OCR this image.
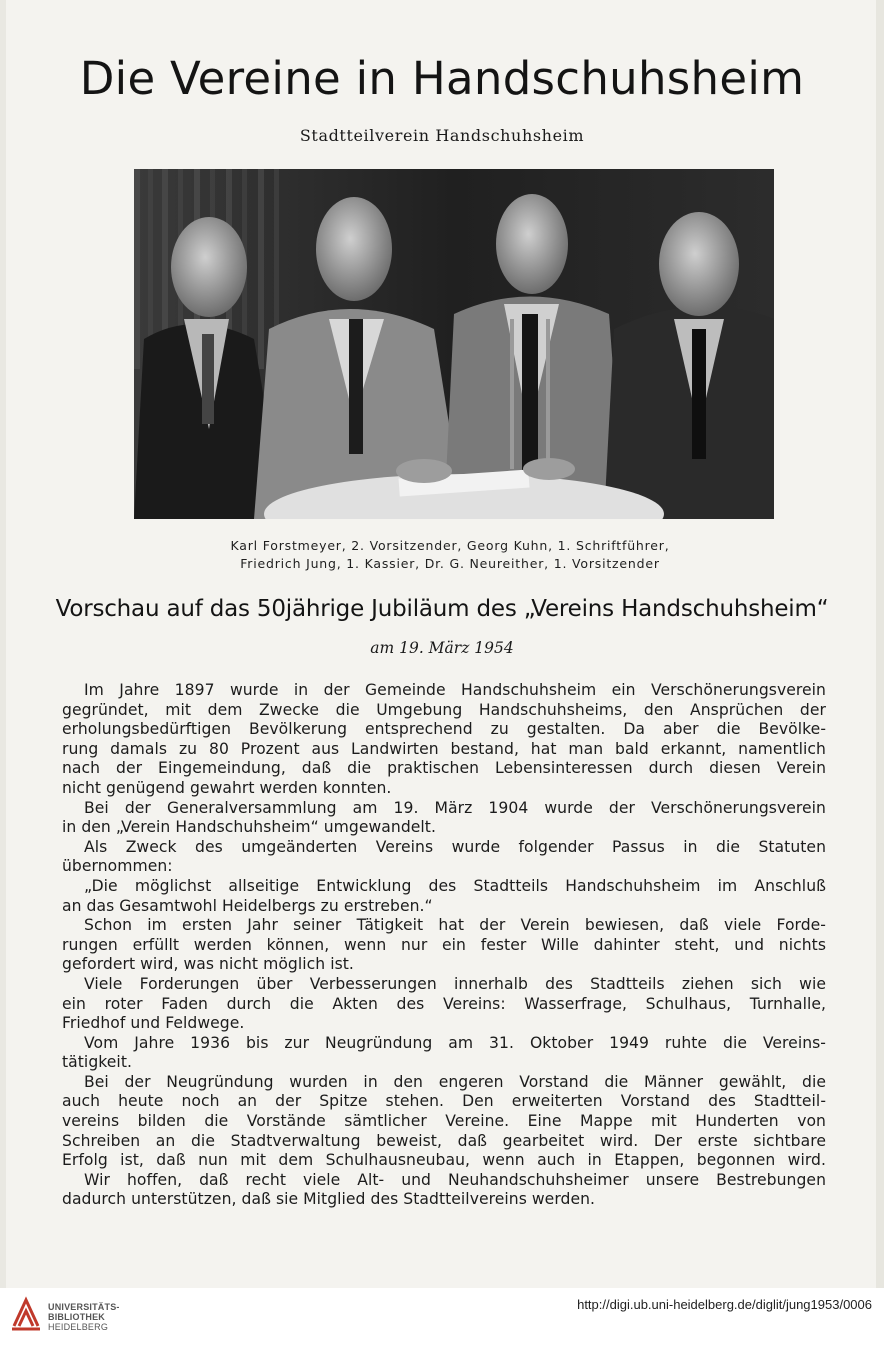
Die Vereine in Handschuhsheim
Stadtteilverein Handschuhsheim
Karl Forstmeyer, 2. Vorsitzender, Georg Kuhn, 1. Schriftführer,
Friedrich Jung, 1. Kassier, Dr. G. Neureither, 1. Vorsitzender
Vorschau auf das 50jährige Jubiläum des „Vereins Handschuhsheim“
am 19. März 1954
Im Jahre 1897 wurde in der Gemeinde Handschuhsheim ein Verschönerungsverein
gegründet, mit dem Zwecke die Umgebung Handschuhsheims, den Ansprüchen der
erholungsbedürftigen Bevölkerung entsprechend zu gestalten. Da aber die Bevölke-
rung damals zu 80 Prozent aus Landwirten bestand, hat man bald erkannt, namentlich
nach der Eingemeindung, daß die praktischen Lebensinteressen durch diesen Verein
nicht genügend gewahrt werden konnten.
Bei der Generalversammlung am 19. März 1904 wurde der Verschönerungsverein
in den „Verein Handschuhsheim“ umgewandelt.
Als Zweck des umgeänderten Vereins wurde folgender Passus in die Statuten
übernommen:
„Die möglichst allseitige Entwicklung des Stadtteils Handschuhsheim im Anschluß
an das Gesamtwohl Heidelbergs zu erstreben.“
Schon im ersten Jahr seiner Tätigkeit hat der Verein bewiesen, daß viele Forde-
rungen erfüllt werden können, wenn nur ein fester Wille dahinter steht, und nichts
gefordert wird, was nicht möglich ist.
Viele Forderungen über Verbesserungen innerhalb des Stadtteils ziehen sich wie
ein roter Faden durch die Akten des Vereins: Wasserfrage, Schulhaus, Turnhalle,
Friedhof und Feldwege.
Vom Jahre 1936 bis zur Neugründung am 31. Oktober 1949 ruhte die Vereins-
tätigkeit.
Bei der Neugründung wurden in den engeren Vorstand die Männer gewählt, die
auch heute noch an der Spitze stehen. Den erweiterten Vorstand des Stadtteil-
vereins bilden die Vorstände sämtlicher Vereine. Eine Mappe mit Hunderten von
Schreiben an die Stadtverwaltung beweist, daß gearbeitet wird. Der erste sichtbare
Erfolg ist, daß nun mit dem Schulhausneubau, wenn auch in Etappen, begonnen wird.
Wir hoffen, daß recht viele Alt- und Neuhandschuhsheimer unsere Bestrebungen
dadurch unterstützen, daß sie Mitglied des Stadtteilvereins werden.
UNIVERSITÄTS-
BIBLIOTHEK
HEIDELBERG
http://digi.ub.uni-heidelberg.de/diglit/jung1953/0006
